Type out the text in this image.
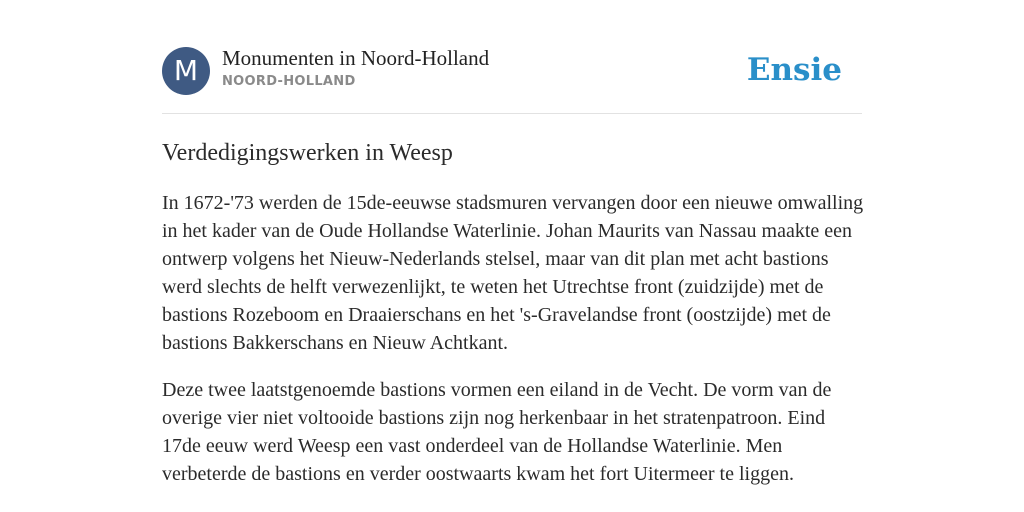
M	Monumenten in Noord-Holland
NOORD-HOLLAND	Ensie
Verdedigingswerken in Weesp

In 1672-'73 werden de 15de-eeuwse stadsmuren vervangen door een nieuwe omwalling in het kader van de Oude Hollandse Waterlinie. Johan Maurits van Nassau maakte een ontwerp volgens het Nieuw-Nederlands stelsel, maar van dit plan met acht bastions werd slechts de helft verwezenlijkt, te weten het Utrechtse front (zuidzijde) met de bastions Rozeboom en Draaierschans en het 's-Gravelandse front (oostzijde) met de bastions Bakkerschans en Nieuw Achtkant.

Deze twee laatstgenoemde bastions vormen een eiland in de Vecht. De vorm van de overige vier niet voltooide bastions zijn nog herkenbaar in het stratenpatroon. Eind 17de eeuw werd Weesp een vast onderdeel van de Hollandse Waterlinie. Men verbeterde de bastions en verder oostwaarts kwam het fort Uitermeer te liggen.
